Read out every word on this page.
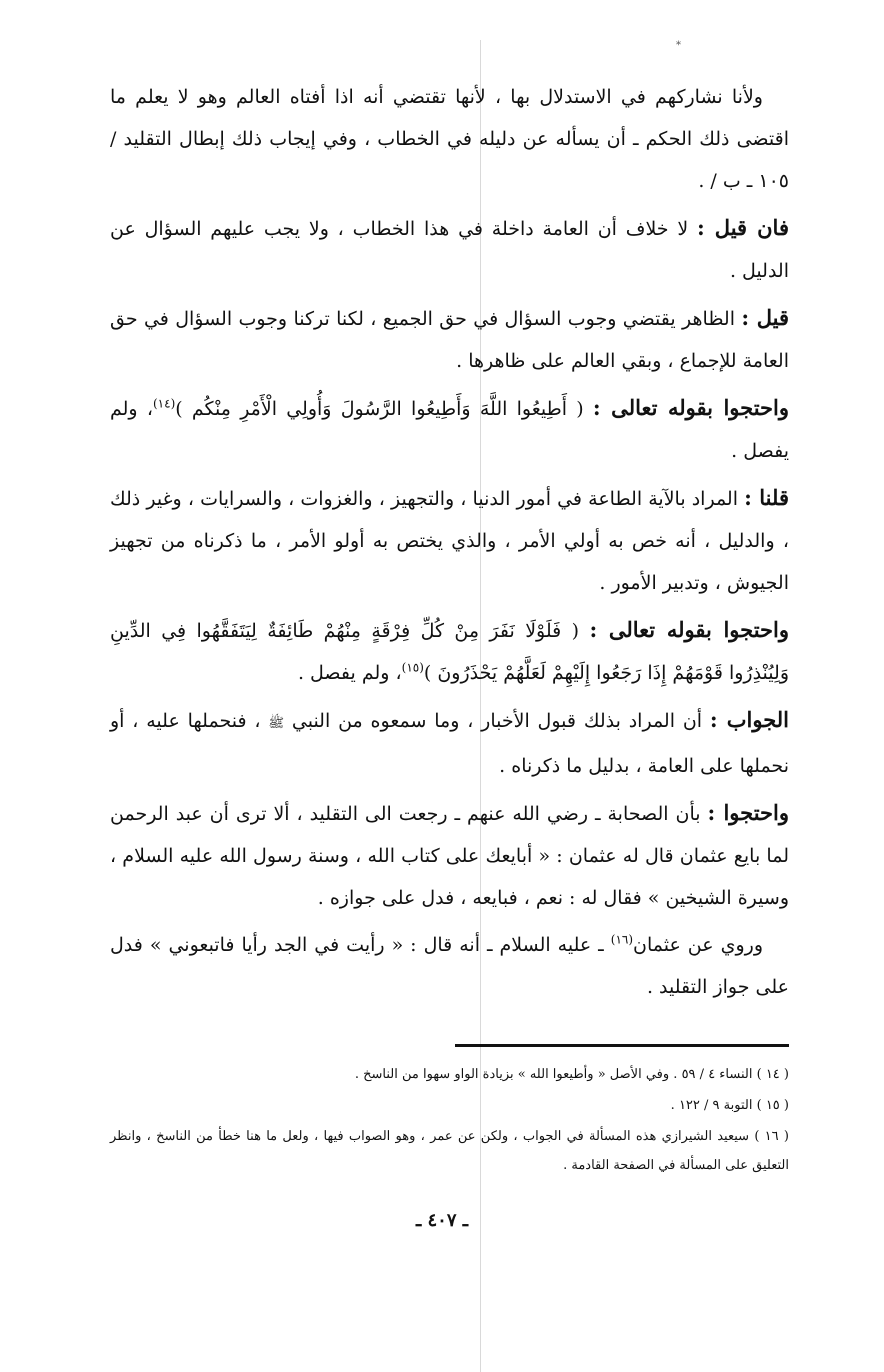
*

ولأنا نشاركهم في الاستدلال بها ، لأنها تقتضي أنه اذا أفتاه العالم وهو لا يعلم ما اقتضى ذلك الحكم ـ أن يسأله عن دليله في الخطاب ، وفي إيجاب ذلك إبطال التقليد / ١٠٥ ـ ب / .

فان قيل : لا خلاف أن العامة داخلة في هذا الخطاب ، ولا يجب عليهم السؤال عن الدليل .

قيل : الظاهر يقتضي وجوب السؤال في حق الجميع ، لكنا تركنا وجوب السؤال في حق العامة للإجماع ، وبقي العالم على ظاهرها .

واحتجوا بقوله تعالى : ( أَطِيعُوا اللَّهَ وَأَطِيعُوا الرَّسُولَ وَأُولِي الْأَمْرِ مِنْكُم )$^{(١٤)}$، ولم يفصل .

قلنا : المراد بالآية الطاعة في أمور الدنيا ، والتجهيز ، والغزوات ، والسرايات ، وغير ذلك ، والدليل ، أنه خص به أولي الأمر ، والذي يختص به أولو الأمر ، ما ذكرناه من تجهيز الجيوش ، وتدبير الأمور .

واحتجوا بقوله تعالى : ( فَلَوْلَا نَفَرَ مِنْ كُلِّ فِرْقَةٍ مِنْهُمْ طَائِفَةٌ لِيَتَفَقَّهُوا فِي الدِّينِ وَلِيُنْذِرُوا قَوْمَهُمْ إِذَا رَجَعُوا إِلَيْهِمْ لَعَلَّهُمْ يَحْذَرُونَ )$^{(١٥)}$، ولم يفصل .

الجواب : أن المراد بذلك قبول الأخبار ، وما سمعوه من النبي ﷺ ، فنحملها عليه ، أو نحملها على العامة ، بدليل ما ذكرناه .

واحتجوا : بأن الصحابة ـ رضي الله عنهم ـ رجعت الى التقليد ، ألا ترى أن عبد الرحمن لما بايع عثمان قال له عثمان : « أبايعك على كتاب الله ، وسنة رسول الله عليه السلام ، وسيرة الشيخين » فقال له : نعم ، فبايعه ، فدل على جوازه .

وروي عن عثمان$^{(١٦)}$ ـ عليه السلام ـ أنه قال : « رأيت في الجد رأيا فاتبعوني » فدل على جواز التقليد .

( ١٤ ) النساء ٤ / ٥٩ . وفي الأصل « وأطيعوا الله » بزيادة الواو سهوا من الناسخ .

( ١٥ ) التوبة ٩ / ١٢٢ .

( ١٦ ) سيعيد الشيرازي هذه المسألة في الجواب ، ولكن عن عمر ، وهو الصواب فيها ، ولعل ما هنا خطأ من الناسخ ، وانظر التعليق على المسألة في الصفحة القادمة .

ـ ٤٠٧ ـ
